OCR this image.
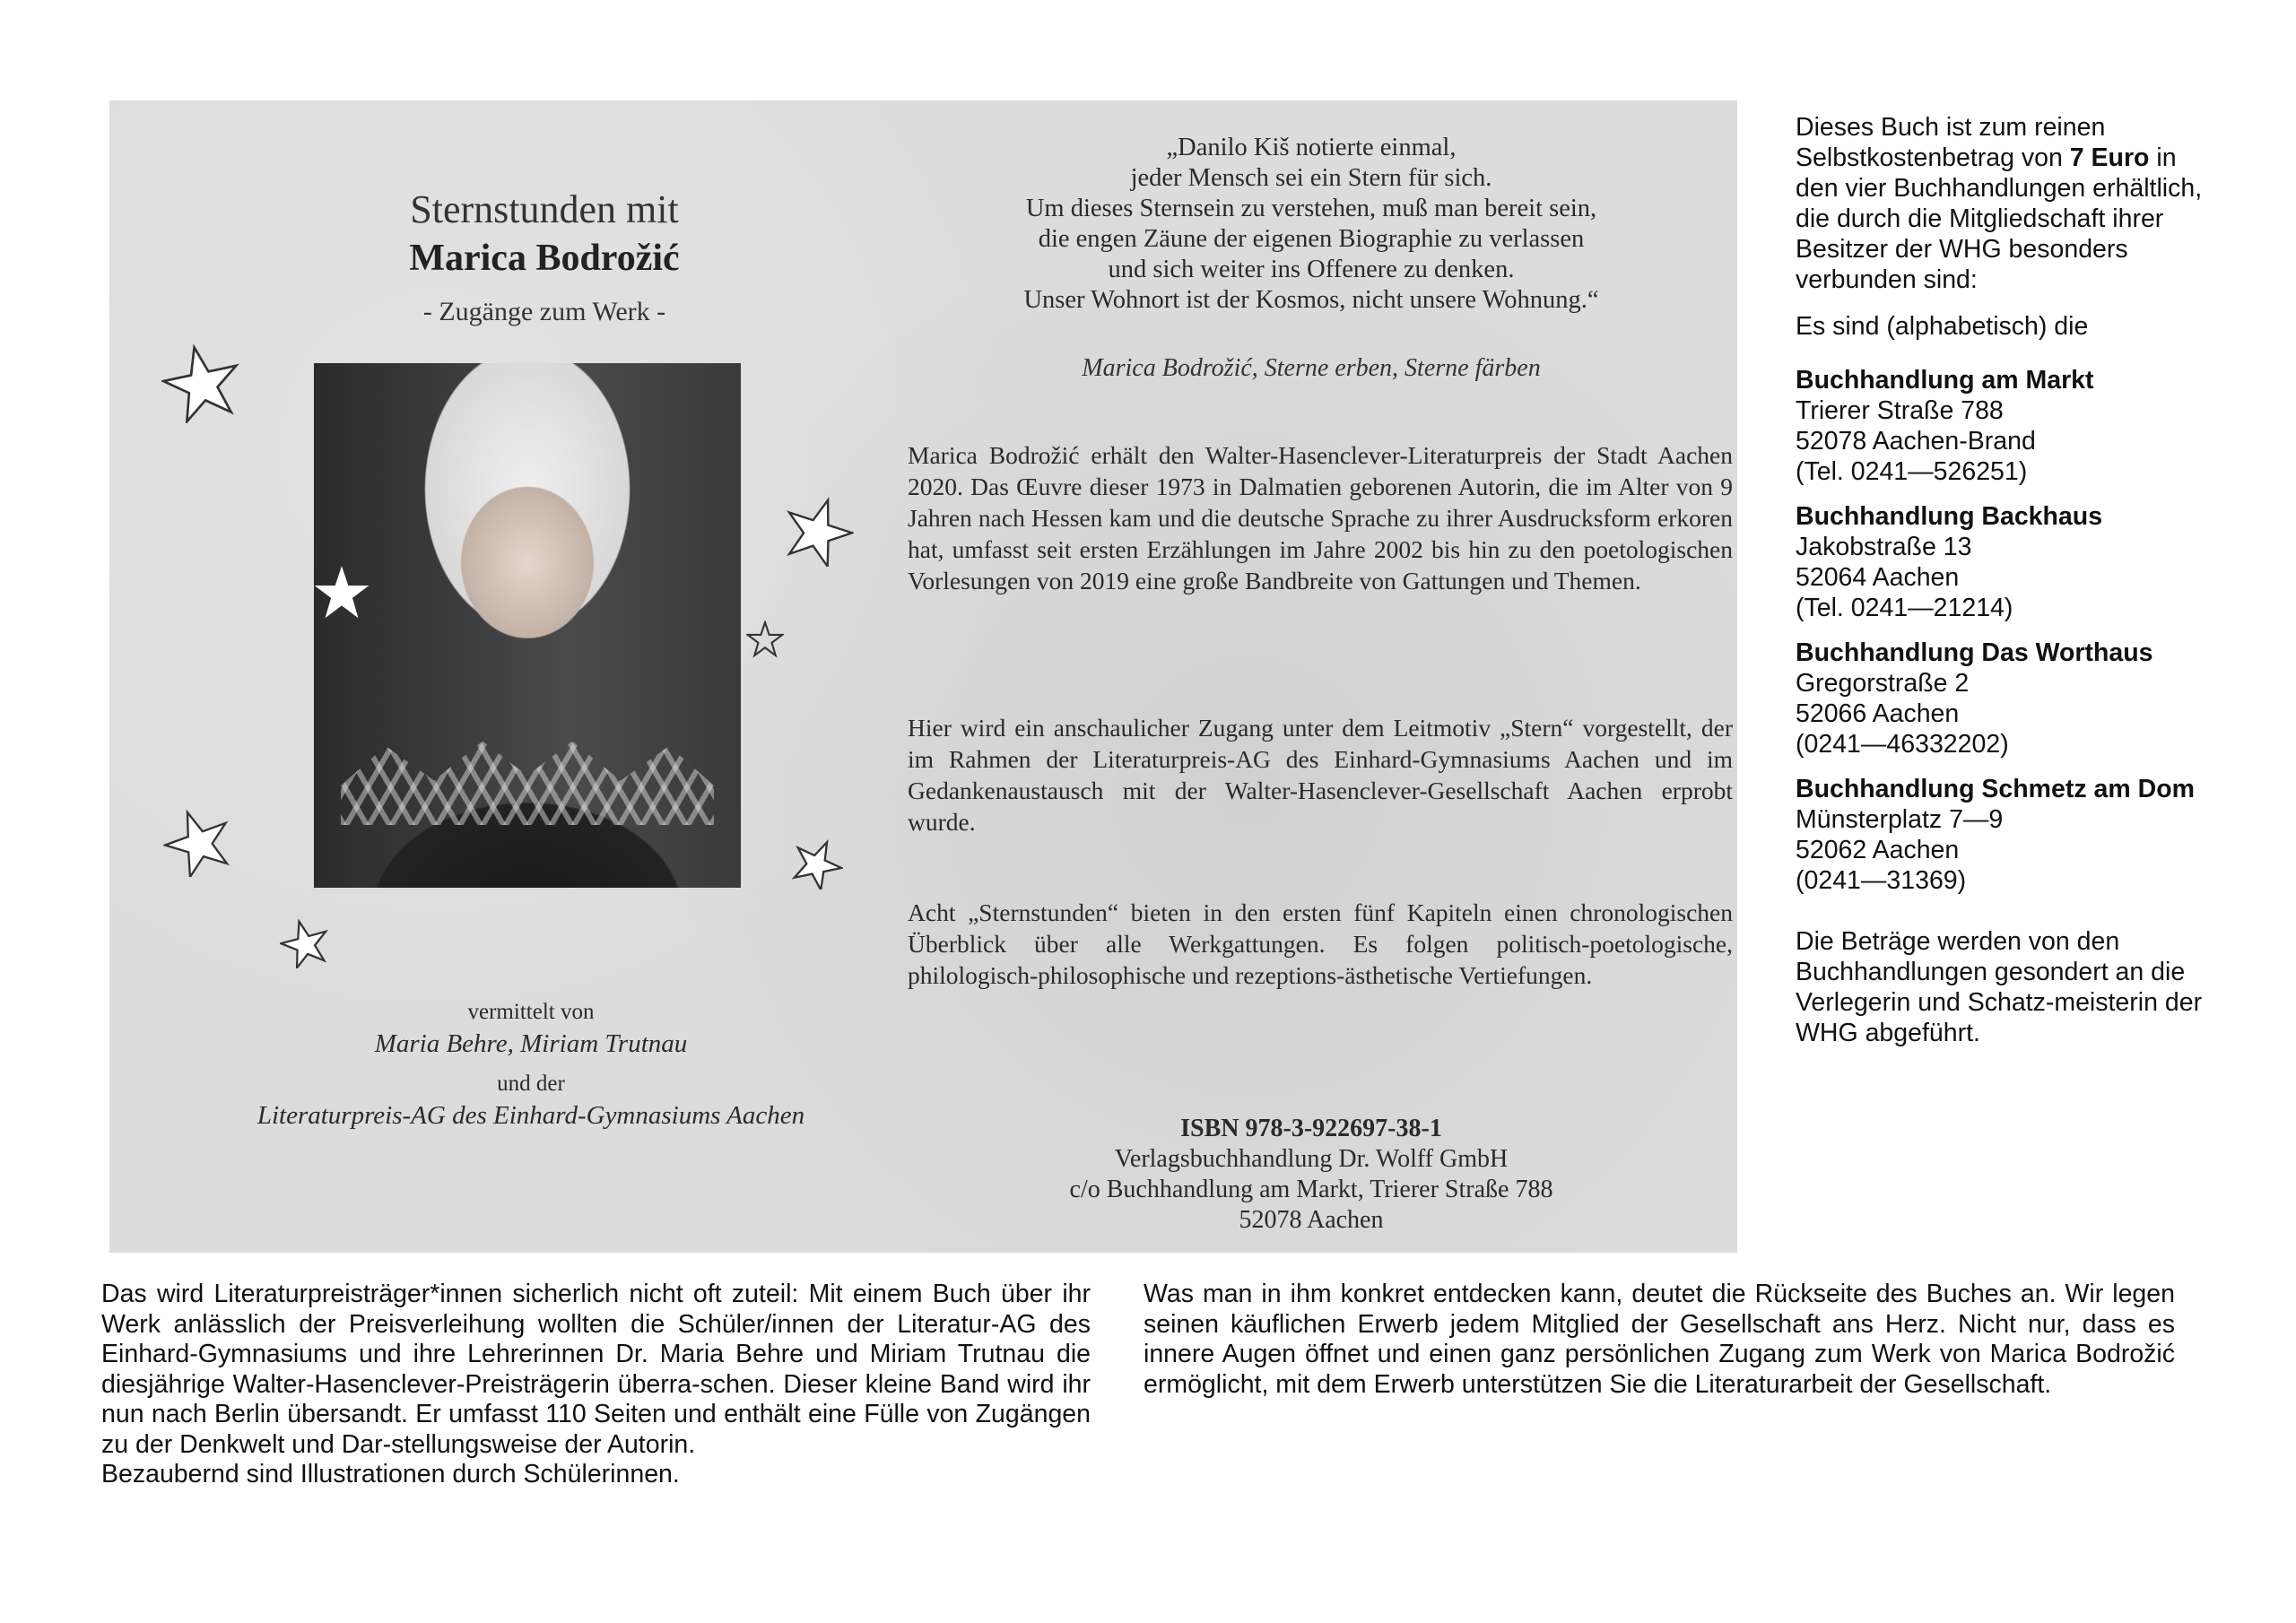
Sternstunden mit
Marica Bodrožić
- Zugänge zum Werk -
vermittelt von
Maria Behre, Miriam Trutnau
und der
Literaturpreis-AG des Einhard-Gymnasiums Aachen
„Danilo Kiš notierte einmal,
jeder Mensch sei ein Stern für sich.
Um dieses Sternsein zu verstehen, muß man bereit sein,
die engen Zäune der eigenen Biographie zu verlassen
und sich weiter ins Offenere zu denken.
Unser Wohnort ist der Kosmos, nicht unsere Wohnung.“
Marica Bodrožić, Sterne erben, Sterne färben

Marica Bodrožić erhält den Walter-Hasenclever-Literaturpreis der Stadt Aachen 2020. Das Œuvre dieser 1973 in Dalmatien geborenen Autorin, die im Alter von 9 Jahren nach Hessen kam und die deutsche Sprache zu ihrer Ausdrucksform erkoren hat, umfasst seit ersten Erzählungen im Jahre 2002 bis hin zu den poetologischen Vorlesungen von 2019 eine große Bandbreite von Gattungen und Themen.

Hier wird ein anschaulicher Zugang unter dem Leitmotiv „Stern“ vorgestellt, der im Rahmen der Literaturpreis-AG des Einhard-Gymnasiums Aachen und im Gedankenaustausch mit der Walter-Hasenclever-Gesellschaft Aachen erprobt wurde.

Acht „Sternstunden“ bieten in den ersten fünf Kapiteln einen chronologischen Überblick über alle Werkgattungen. Es folgen politisch-poetologische, philologisch-philosophische und rezeptions-ästhetische Vertiefungen.

ISBN 978-3-922697-38-1
Verlagsbuchhandlung Dr. Wolff GmbH
c/o Buchhandlung am Markt, Trierer Straße 788
52078 Aachen

Dieses Buch ist zum reinen Selbstkostenbetrag von 7 Euro in den vier Buchhandlungen erhältlich, die durch die Mitgliedschaft ihrer Besitzer der WHG besonders verbunden sind:

Es sind (alphabetisch) die

Buchhandlung am Markt
Trierer Straße 788
52078 Aachen-Brand
(Tel. 0241—526251)
Buchhandlung Backhaus
Jakobstraße 13
52064 Aachen
(Tel. 0241—21214)
Buchhandlung Das Worthaus
Gregorstraße 2
52066 Aachen
(0241—46332202)
Buchhandlung Schmetz am Dom
Münsterplatz 7—9
52062 Aachen
(0241—31369)

Die Beträge werden von den Buchhandlungen gesondert an die Verlegerin und Schatz-meisterin der WHG abgeführt.

Das wird Literaturpreisträger*innen sicherlich nicht oft zuteil: Mit einem Buch über ihr Werk anlässlich der Preisverleihung wollten die Schüler/innen der Literatur-AG des Einhard-Gymnasiums und ihre Lehrerinnen Dr. Maria Behre und Miriam Trutnau die diesjährige Walter-Hasenclever-Preisträgerin überra-schen. Dieser kleine Band wird ihr nun nach Berlin übersandt. Er umfasst 110 Seiten und enthält eine Fülle von Zugängen zu der Denkwelt und Dar-stellungsweise der Autorin.

Bezaubernd sind Illustrationen durch Schülerinnen.

Was man in ihm konkret entdecken kann, deutet die Rückseite des Buches an. Wir legen seinen käuflichen Erwerb jedem Mitglied der Gesellschaft ans Herz. Nicht nur, dass es innere Augen öffnet und einen ganz persönlichen Zugang zum Werk von Marica Bodrožić ermöglicht, mit dem Erwerb unterstützen Sie die Literaturarbeit der Gesellschaft.
